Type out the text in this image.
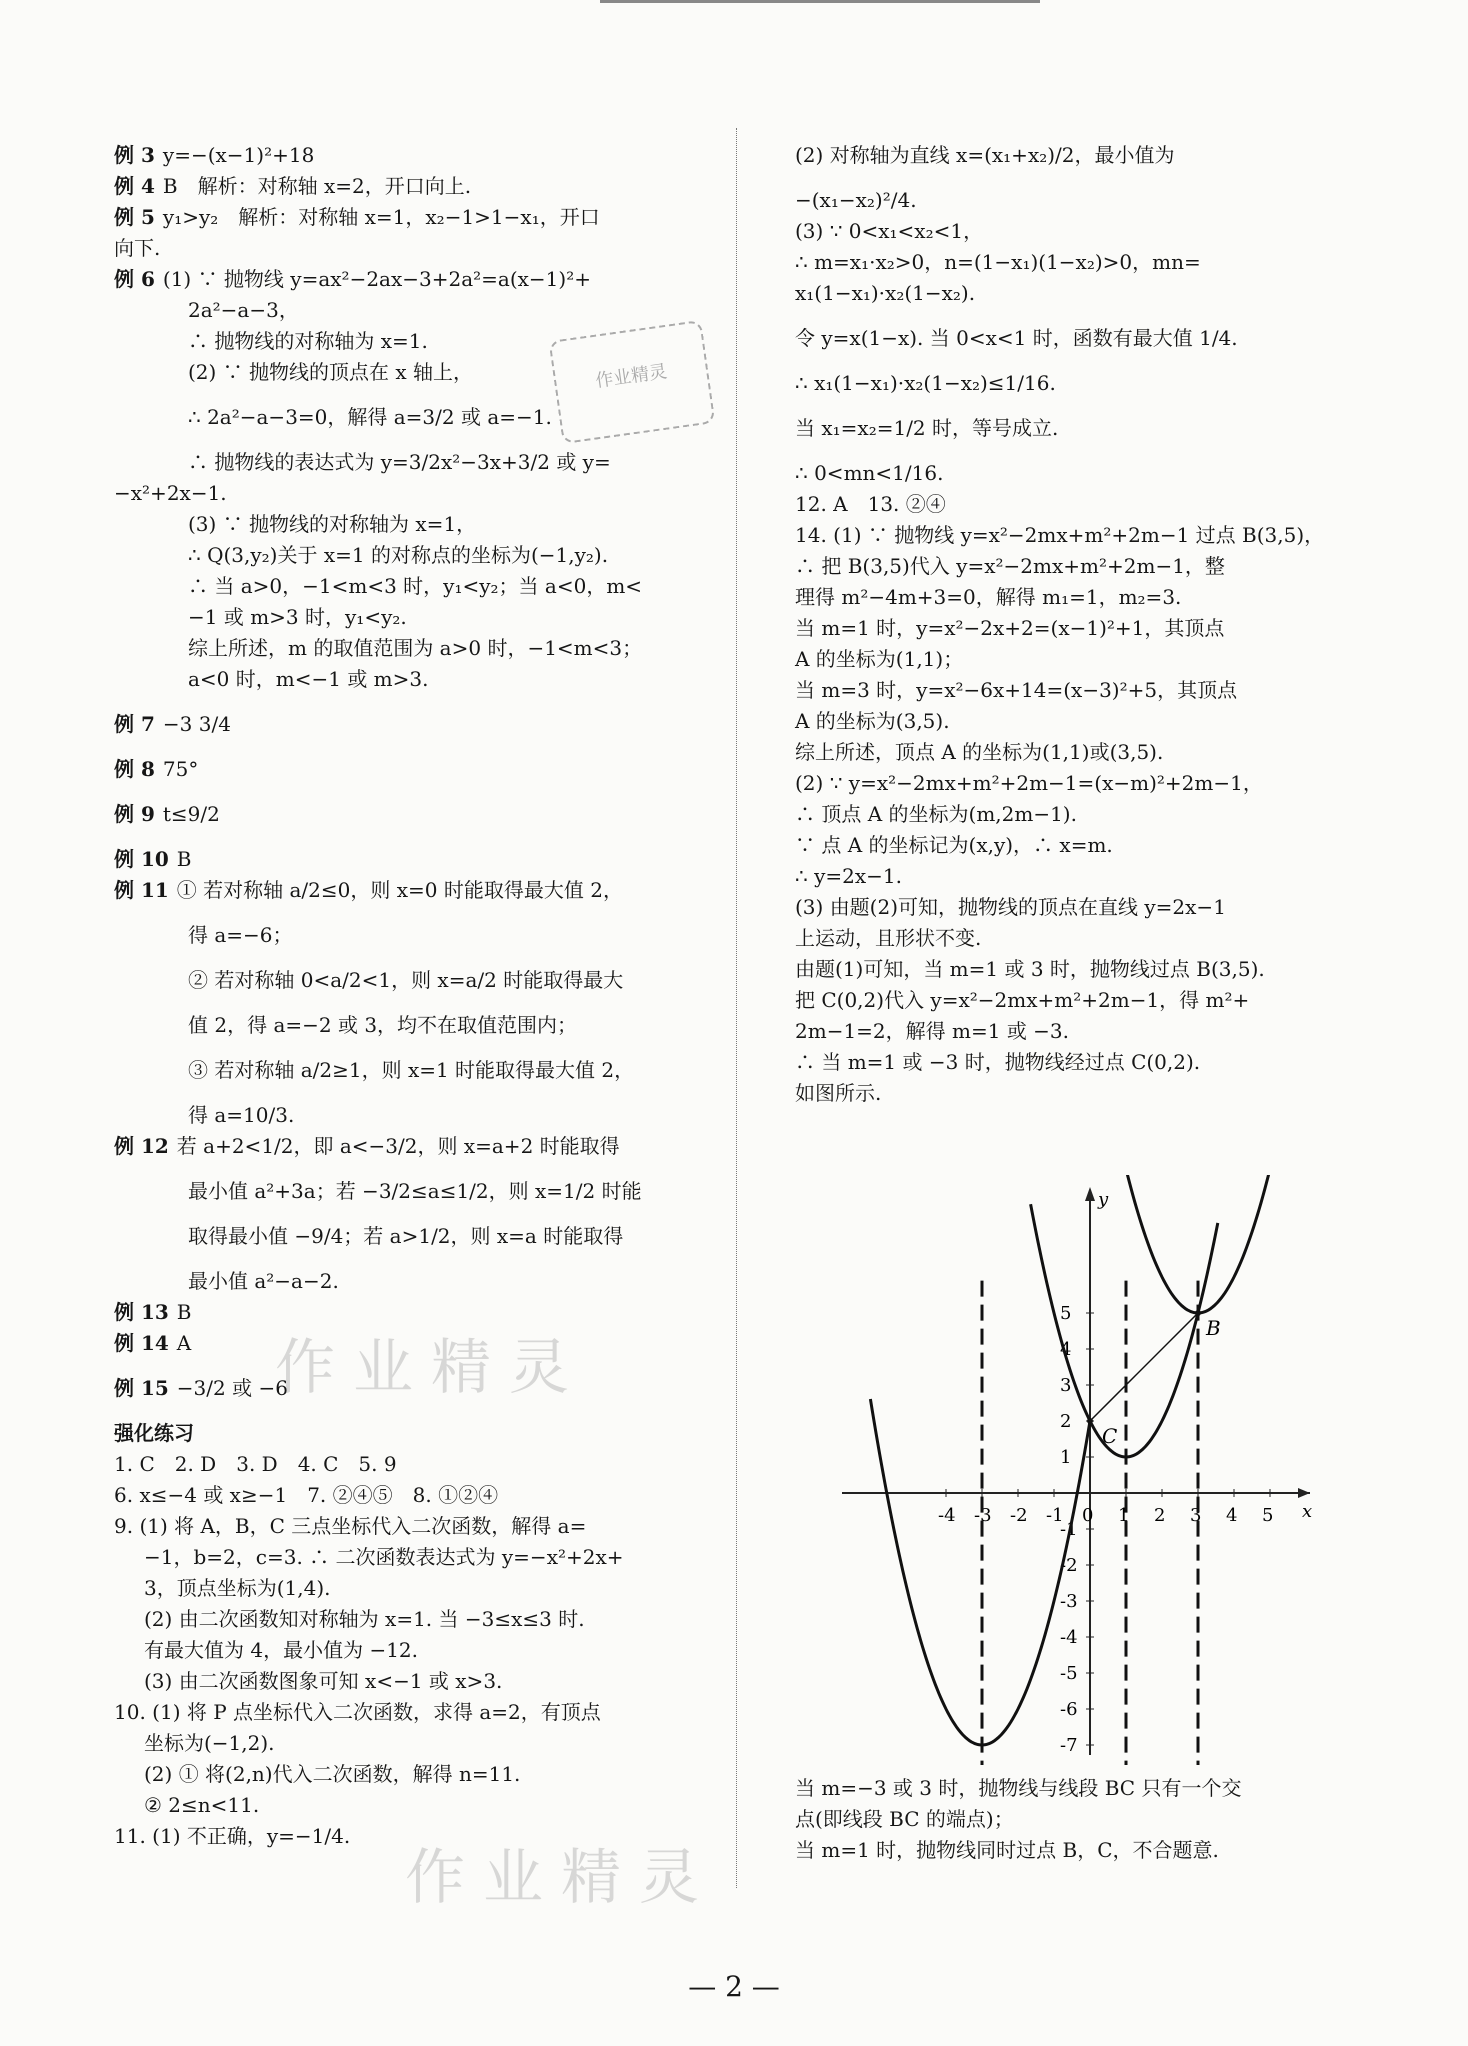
例 3 y=−(x−1)²+18
例 4 B　解析：对称轴 x=2，开口向上.
例 5 y₁>y₂　解析：对称轴 x=1，x₂−1>1−x₁，开口
向下.
例 6 (1) ∵ 抛物线 y=ax²−2ax−3+2a²=a(x−1)²+
2a²−a−3，
∴ 抛物线的对称轴为 x=1.
(2) ∵ 抛物线的顶点在 x 轴上，
∴ 2a²−a−3=0，解得 a=3/2 或 a=−1.
∴ 抛物线的表达式为 y=3/2x²−3x+3/2 或 y=
−x²+2x−1.
(3) ∵ 抛物线的对称轴为 x=1，
∴ Q(3,y₂)关于 x=1 的对称点的坐标为(−1,y₂).
∴ 当 a>0，−1<m<3 时，y₁<y₂；当 a<0，m<
−1 或 m>3 时，y₁<y₂.
综上所述，m 的取值范围为 a>0 时，−1<m<3；
a<0 时，m<−1 或 m>3.
例 7 −3 3/4
例 8 75°
例 9 t≤9/2
例 10 B
例 11 ① 若对称轴 a/2≤0，则 x=0 时能取得最大值 2，
得 a=−6；
② 若对称轴 0<a/2<1，则 x=a/2 时能取得最大
值 2，得 a=−2 或 3，均不在取值范围内；
③ 若对称轴 a/2≥1，则 x=1 时能取得最大值 2，
得 a=10/3.
例 12 若 a+2<1/2，即 a<−3/2，则 x=a+2 时能取得
最小值 a²+3a；若 −3/2≤a≤1/2，则 x=1/2 时能
取得最小值 −9/4；若 a>1/2，则 x=a 时能取得
最小值 a²−a−2.
例 13 B
例 14 A
例 15 −3/2 或 −6
强化练习
1. C　2. D　3. D　4. C　5. 9
6. x≤−4 或 x≥−1　7. ②④⑤　8. ①②④
9. (1) 将 A，B，C 三点坐标代入二次函数，解得 a=
−1，b=2，c=3. ∴ 二次函数表达式为 y=−x²+2x+
3，顶点坐标为(1,4).
(2) 由二次函数知对称轴为 x=1. 当 −3≤x≤3 时.
有最大值为 4，最小值为 −12.
(3) 由二次函数图象可知 x<−1 或 x>3.
10. (1) 将 P 点坐标代入二次函数，求得 a=2，有顶点
坐标为(−1,2).
(2) ① 将(2,n)代入二次函数，解得 n=11.
② 2≤n<11.
11. (1) 不正确，y=−1/4.
(2) 对称轴为直线 x=(x₁+x₂)/2，最小值为
−(x₁−x₂)²/4.
(3) ∵ 0<x₁<x₂<1，
∴ m=x₁·x₂>0，n=(1−x₁)(1−x₂)>0，mn=
x₁(1−x₁)·x₂(1−x₂).
令 y=x(1−x). 当 0<x<1 时，函数有最大值 1/4.
∴ x₁(1−x₁)·x₂(1−x₂)≤1/16.
当 x₁=x₂=1/2 时，等号成立.
∴ 0<mn<1/16.
12. A　13. ②④
14. (1) ∵ 抛物线 y=x²−2mx+m²+2m−1 过点 B(3,5)，
∴ 把 B(3,5)代入 y=x²−2mx+m²+2m−1，整
理得 m²−4m+3=0，解得 m₁=1，m₂=3.
当 m=1 时，y=x²−2x+2=(x−1)²+1，其顶点
A 的坐标为(1,1)；
当 m=3 时，y=x²−6x+14=(x−3)²+5，其顶点
A 的坐标为(3,5).
综上所述，顶点 A 的坐标为(1,1)或(3,5).
(2) ∵ y=x²−2mx+m²+2m−1=(x−m)²+2m−1，
∴ 顶点 A 的坐标为(m,2m−1).
∵ 点 A 的坐标记为(x,y)，∴ x=m.
∴ y=2x−1.
(3) 由题(2)可知，抛物线的顶点在直线 y=2x−1
上运动，且形状不变.
由题(1)可知，当 m=1 或 3 时，抛物线过点 B(3,5).
把 C(0,2)代入 y=x²−2mx+m²+2m−1，得 m²+
2m−1=2，解得 m=1 或 −3.
∴ 当 m=1 或 −3 时，抛物线经过点 C(0,2).
如图所示.
作业精灵
作业精灵
作业精灵
-4 -3 -2 -1 0 1 2 3 4 5 x
5
4
3
2
1
-1
-2
-3
-4
-5
-6
-7
y
B
C
当 m=−3 或 3 时，抛物线与线段 BC 只有一个交
点(即线段 BC 的端点)；
当 m=1 时，抛物线同时过点 B，C，不合题意.
— 2 —
